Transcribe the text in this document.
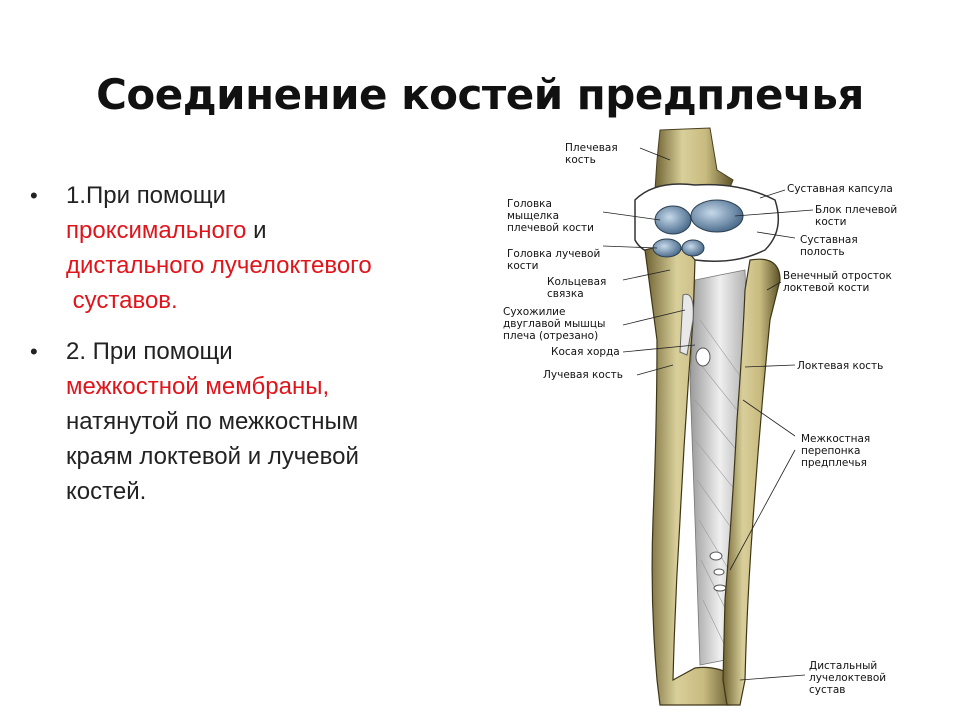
Соединение костей предплечья
• 1.При помощи
проксимального и
дистального лучелоктевого
суставов.
• 2. При помощи
межкостной мембраны,
натянутой по межкостным
краям локтевой и лучевой
костей.
Плечевая
кость
Суставная капсула
Головка
мыщелка
плечевой кости
Блок плечевой
кости
Головка лучевой
кости
Суставная
полость
Кольцевая
связка
Венечный отросток
локтевой кости
Сухожилие
двуглавой мышцы
плеча (отрезано)
Косая хорда
Лучевая кость
Локтевая кость
Межкостная
перепонка
предплечья
Дистальный
лучелоктевой
сустав
